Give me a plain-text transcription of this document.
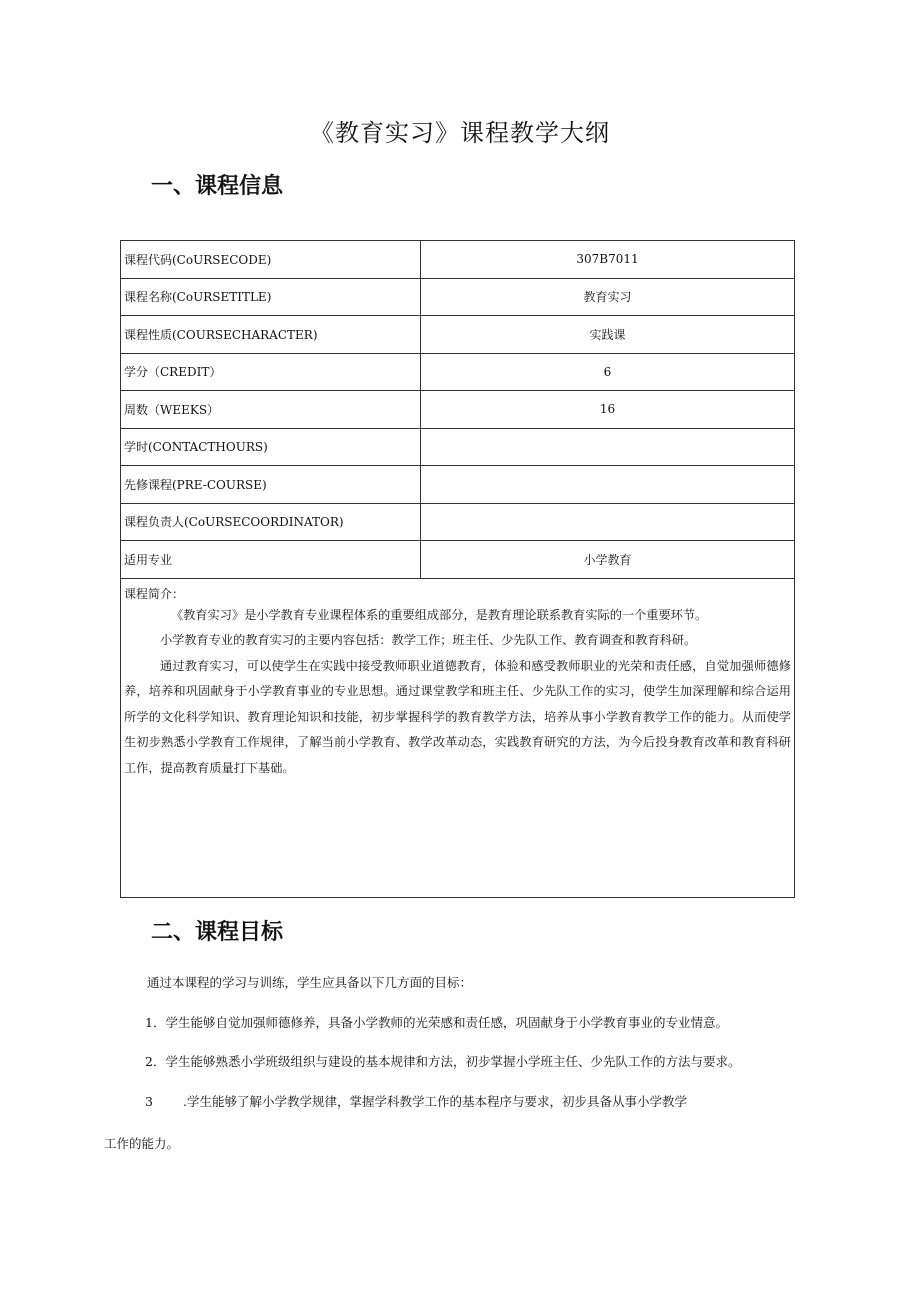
《教育实习》课程教学大纲
一、课程信息
课程代码(CoURSECODE)	307B7011
课程名称(CoURSETITLE)	教育实习
课程性质(COURSECHARACTER)	实践课
学分（CREDIT）	6
周数（WEEKS）	16
学时(CONTACTHOURS)	
先修课程(PRE-COURSE)	
课程负责人(CoURSECOORDINATOR)	
适用专业	小学教育

课程简介：

《教育实习》是小学教育专业课程体系的重要组成部分，是教育理论联系教育实际的一个重要环节。

小学教育专业的教育实习的主要内容包括：教学工作；班主任、少先队工作、教育调查和教育科研。

通过教育实习，可以使学生在实践中接受教师职业道德教育，体验和感受教师职业的光荣和责任感，自觉加强师德修养，培养和巩固献身于小学教育事业的专业思想。通过课堂教学和班主任、少先队工作的实习，使学生加深理解和综合运用所学的文化科学知识、教育理论知识和技能，初步掌握科学的教育教学方法，培养从事小学教育教学工作的能力。从而使学生初步熟悉小学教育工作规律，了解当前小学教育、教学改革动态，实践教育研究的方法，为今后投身教育改革和教育科研工作，提高教育质量打下基础。	

二、课程目标
通过本课程的学习与训练，学生应具备以下几方面的目标：
1．学生能够自觉加强师德修养，具备小学教师的光荣感和责任感，巩固献身于小学教育事业的专业情意。
2．学生能够熟悉小学班级组织与建设的基本规律和方法，初步掌握小学班主任、少先队工作的方法与要求。
3 .学生能够了解小学教学规律，掌握学科教学工作的基本程序与要求，初步具备从事小学教学
工作的能力。
